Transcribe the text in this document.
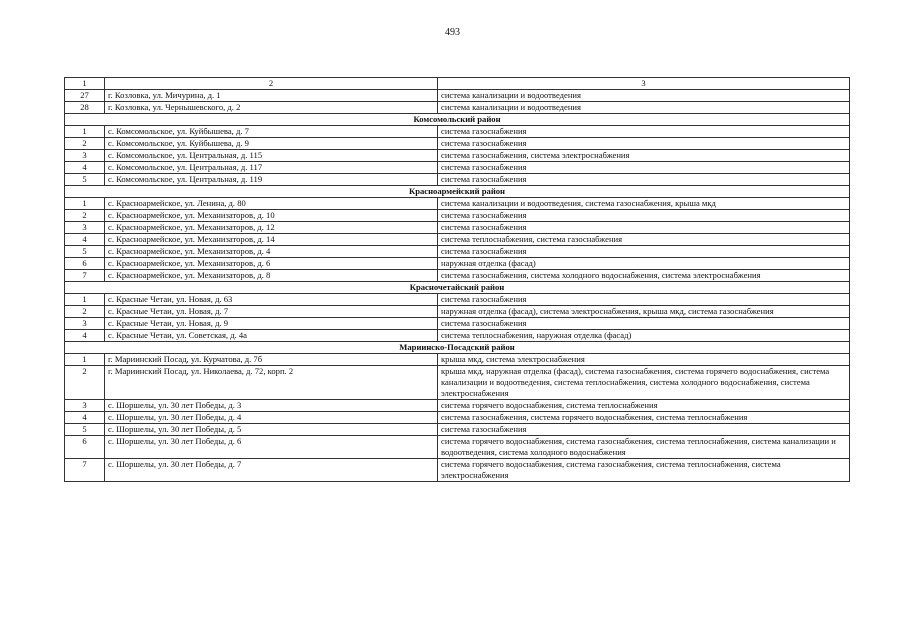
493
1	2	3
27	г. Козловка, ул. Мичурина, д. 1	система канализации и водоотведения
28	г. Козловка, ул. Чернышевского, д. 2	система канализации и водоотведения
Комсомольский район		
1	с. Комсомольское, ул. Куйбышева, д. 7	система газоснабжения
2	с. Комсомольское, ул. Куйбышева, д. 9	система газоснабжения
3	с. Комсомольское, ул. Центральная, д. 115	система газоснабжения, система электроснабжения
4	с. Комсомольское, ул. Центральная, д. 117	система газоснабжения
5	с. Комсомольское, ул. Центральная, д. 119	система газоснабжения
Красноармейский район		
1	с. Красноармейское, ул. Ленина, д. 80	система канализации и водоотведения, система газоснабжения, крыша мкд
2	с. Красноармейское, ул. Механизаторов, д. 10	система газоснабжения
3	с. Красноармейское, ул. Механизаторов, д. 12	система газоснабжения
4	с. Красноармейское, ул. Механизаторов, д. 14	система теплоснабжения, система газоснабжения
5	с. Красноармейское, ул. Механизаторов, д. 4	система газоснабжения
6	с. Красноармейское, ул. Механизаторов, д. 6	наружная отделка (фасад)
7	с. Красноармейское, ул. Механизаторов, д. 8	система газоснабжения, система холодного водоснабжения, система электроснабжения
Красночетайский район		
1	с. Красные Четаи, ул. Новая, д. 63	система газоснабжения
2	с. Красные Четаи, ул. Новая, д. 7	наружная отделка (фасад), система электроснабжения, крыша мкд, система газоснабжения
3	с. Красные Четаи, ул. Новая, д. 9	система газоснабжения
4	с. Красные Четаи, ул. Советская, д. 4а	система теплоснабжения, наружная отделка (фасад)
Мариинско-Посадский район		
1	г. Мариинский Посад, ул. Курчатова, д. 7б	крыша мкд, система электроснабжения
2	г. Мариинский Посад, ул. Николаева, д. 72, корп. 2	крыша мкд, наружная отделка (фасад), система газоснабжения, система горячего водоснабжения, система канализации и водоотведения, система теплоснабжения, система холодного водоснабжения, система электроснабжения
3	с. Шоршелы, ул. 30 лет Победы, д. 3	система горячего водоснабжения, система теплоснабжения
4	с. Шоршелы, ул. 30 лет Победы, д. 4	система газоснабжения, система горячего водоснабжения, система теплоснабжения
5	с. Шоршелы, ул. 30 лет Победы, д. 5	система газоснабжения
6	с. Шоршелы, ул. 30 лет Победы, д. 6	система горячего водоснабжения, система газоснабжения, система теплоснабжения, система канализации и водоотведения, система холодного водоснабжения
7	с. Шоршелы, ул. 30 лет Победы, д. 7	система горячего водоснабжения, система газоснабжения, система теплоснабжения, система электроснабжения
